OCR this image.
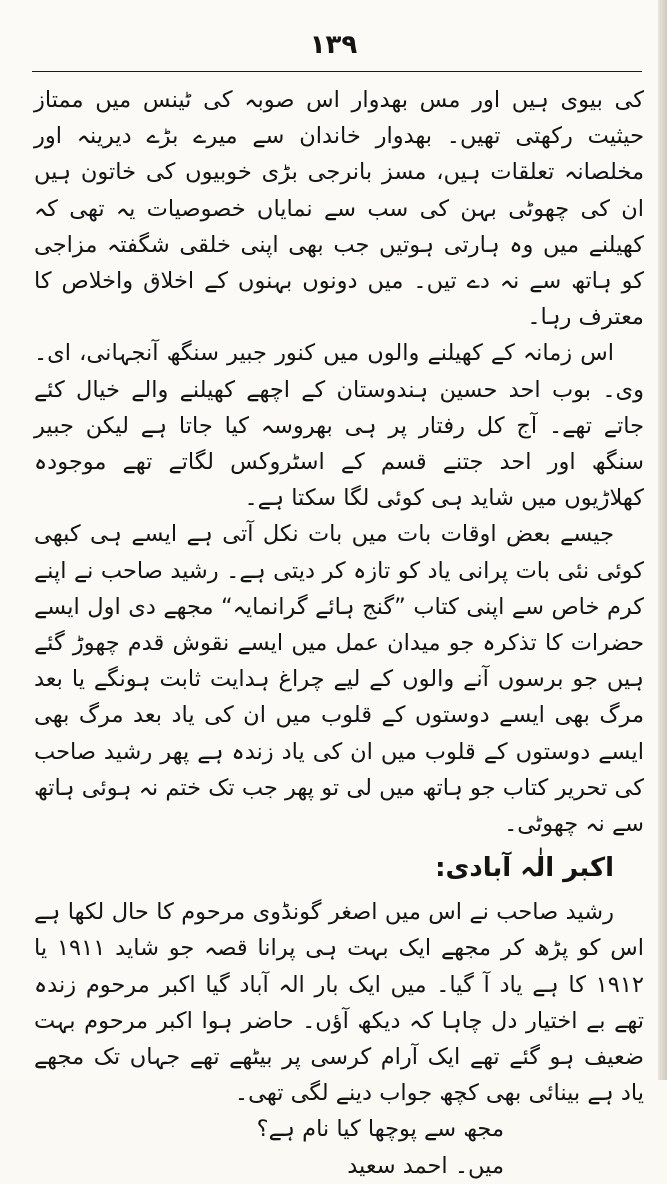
۱۳۹

کی بیوی ہیں اور مس بھدوار اس صوبہ کی ٹینس میں ممتاز حیثیت رکھتی تھیں۔ بھدوار خاندان سے میرے بڑے دیرینہ اور مخلصانہ تعلقات ہیں، مسز بانرجی بڑی خوبیوں کی خاتون ہیں ان کی چھوٹی بہن کی سب سے نمایاں خصوصیات یہ تھی کہ کھیلنے میں وہ ہارتی ہوتیں جب بھی اپنی خلقی شگفتہ مزاجی کو ہاتھ سے نہ دے تیں۔ میں دونوں بہنوں کے اخلاق واخلاص کا معترف رہا۔

اس زمانہ کے کھیلنے والوں میں کنور جبیر سنگھ آنجہانی، ای۔ وی۔ بوب احد حسین ہندوستان کے اچھے کھیلنے والے خیال کئے جاتے تھے۔ آج کل رفتار پر ہی بھروسہ کیا جاتا ہے لیکن جبیر سنگھ اور احد جتنے قسم کے اسٹروکس لگاتے تھے موجودہ کھلاڑیوں میں شاید ہی کوئی لگا سکتا ہے۔

جیسے بعض اوقات بات میں بات نکل آتی ہے ایسے ہی کبھی کوئی نئی بات پرانی یاد کو تازہ کر دیتی ہے۔ رشید صاحب نے اپنے کرم خاص سے اپنی کتاب ”گنج ہائے گرانمایہ“ مجھے دی اول ایسے حضرات کا تذکرہ جو میدان عمل میں ایسے نقوش قدم چھوڑ گئے ہیں جو برسوں آنے والوں کے لیے چراغ ہدایت ثابت ہونگے یا بعد مرگ بھی ایسے دوستوں کے قلوب میں ان کی یاد بعد مرگ بھی ایسے دوستوں کے قلوب میں ان کی یاد زندہ ہے پھر رشید صاحب کی تحریر کتاب جو ہاتھ میں لی تو پھر جب تک ختم نہ ہوئی ہاتھ سے نہ چھوٹی۔

اکبر الٰہ آبادی:

رشید صاحب نے اس میں اصغر گونڈوی مرحوم کا حال لکھا ہے اس کو پڑھ کر مجھے ایک بہت ہی پرانا قصہ جو شاید ۱۹۱۱ یا ۱۹۱۲ کا ہے یاد آ گیا۔ میں ایک بار الہ آباد گیا اکبر مرحوم زندہ تھے بے اختیار دل چاہا کہ دیکھ آؤں۔ حاضر ہوا اکبر مرحوم بہت ضعیف ہو گئے تھے ایک آرام کرسی پر بیٹھے تھے جہاں تک مجھے یاد ہے بینائی بھی کچھ جواب دینے لگی تھی۔

مجھ سے پوچھا کیا نام ہے؟

میں۔ احمد سعید
